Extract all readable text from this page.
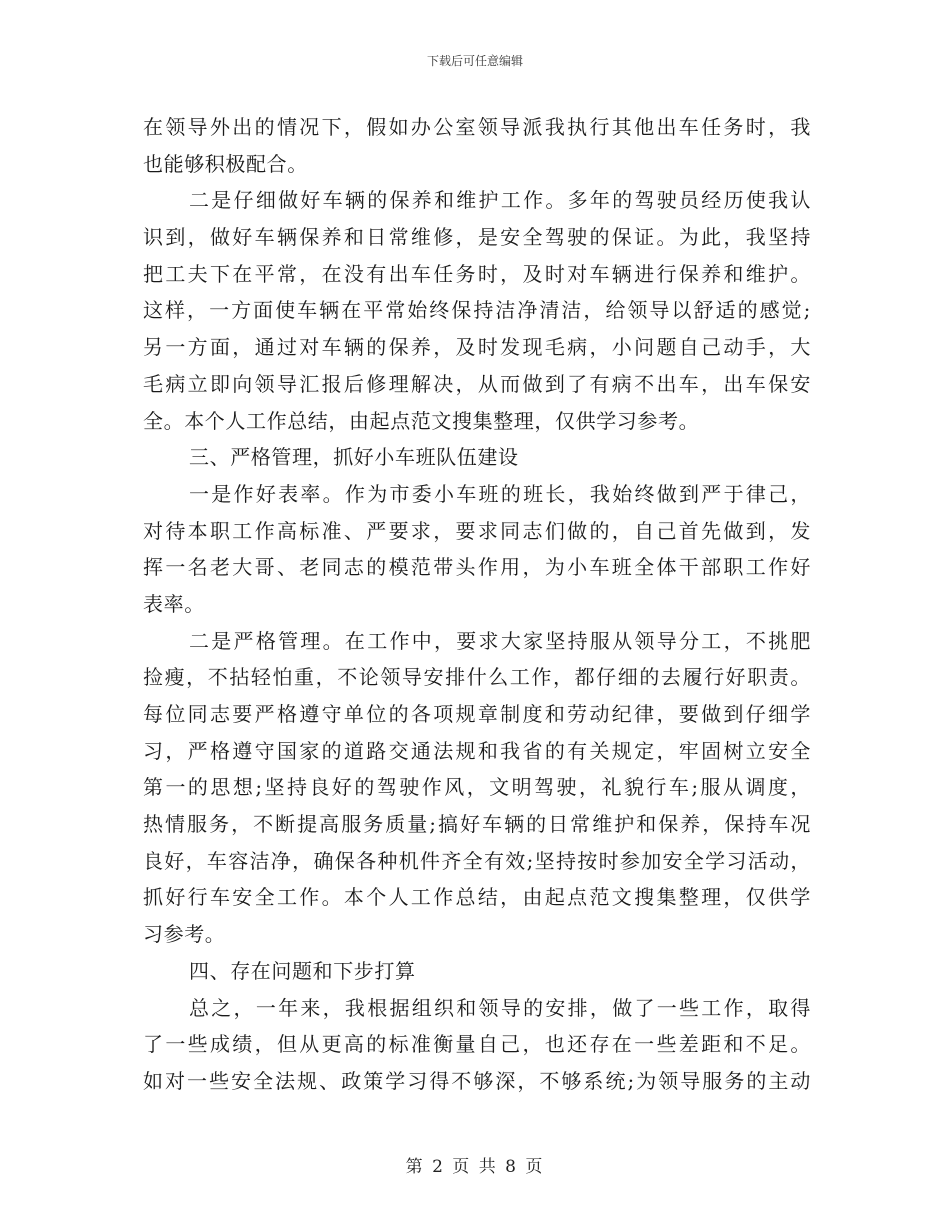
下载后可任意编辑
在领导外出的情况下，假如办公室领导派我执行其他出车任务时，我
也能够积极配合。
二是仔细做好车辆的保养和维护工作。多年的驾驶员经历使我认
识到，做好车辆保养和日常维修，是安全驾驶的保证。为此，我坚持
把工夫下在平常，在没有出车任务时，及时对车辆进行保养和维护。
这样，一方面使车辆在平常始终保持洁净清洁，给领导以舒适的感觉;
另一方面，通过对车辆的保养，及时发现毛病，小问题自己动手，大
毛病立即向领导汇报后修理解决，从而做到了有病不出车，出车保安
全。本个人工作总结，由起点范文搜集整理，仅供学习参考。
三、严格管理，抓好小车班队伍建设
一是作好表率。作为市委小车班的班长，我始终做到严于律己，
对待本职工作高标准、严要求，要求同志们做的，自己首先做到，发
挥一名老大哥、老同志的模范带头作用，为小车班全体干部职工作好
表率。
二是严格管理。在工作中，要求大家坚持服从领导分工，不挑肥
捡瘦，不拈轻怕重，不论领导安排什么工作，都仔细的去履行好职责。
每位同志要严格遵守单位的各项规章制度和劳动纪律，要做到仔细学
习，严格遵守国家的道路交通法规和我省的有关规定，牢固树立安全
第一的思想;坚持良好的驾驶作风，文明驾驶，礼貌行车;服从调度，
热情服务，不断提高服务质量;搞好车辆的日常维护和保养，保持车况
良好，车容洁净，确保各种机件齐全有效;坚持按时参加安全学习活动，
抓好行车安全工作。本个人工作总结，由起点范文搜集整理，仅供学
习参考。
四、存在问题和下步打算
总之，一年来，我根据组织和领导的安排，做了一些工作，取得
了一些成绩，但从更高的标准衡量自己，也还存在一些差距和不足。
如对一些安全法规、政策学习得不够深，不够系统;为领导服务的主动
第 2 页 共 8 页
